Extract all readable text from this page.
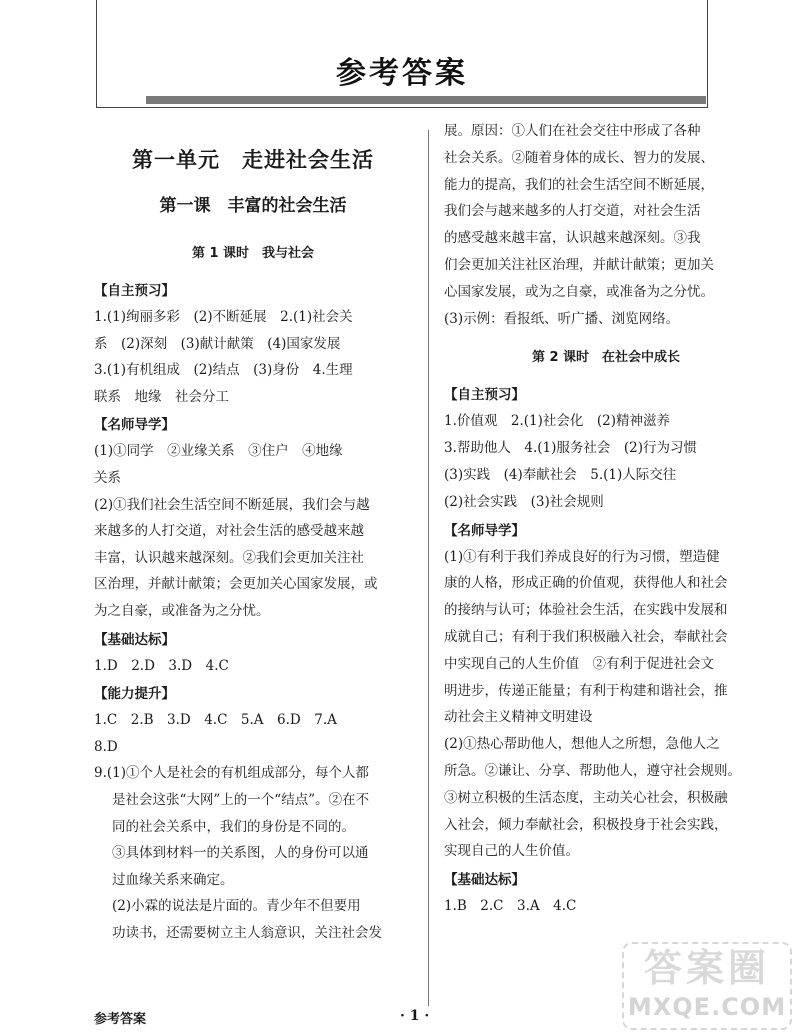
参考答案
第一单元　走进社会生活
第一课　丰富的社会生活
第 1 课时　我与社会
【自主预习】
1.(1)绚丽多彩　(2)不断延展　2.(1)社会关
系　(2)深刻　(3)献计献策　(4)国家发展
3.(1)有机组成　(2)结点　(3)身份　4.生理
联系　地缘　社会分工
【名师导学】
(1)①同学　②业缘关系　③住户　④地缘
关系
(2)①我们社会生活空间不断延展，我们会与越
来越多的人打交道，对社会生活的感受越来越
丰富，认识越来越深刻。②我们会更加关注社
区治理，并献计献策；会更加关心国家发展，或
为之自豪，或准备为之分忧。
【基础达标】
1.D　2.D　3.D　4.C
【能力提升】
1.C　2.B　3.D　4.C　5.A　6.D　7.A
8.D
9.(1)①个人是社会的有机组成部分，每个人都
是社会这张“大网”上的一个“结点”。②在不
同的社会关系中，我们的身份是不同的。
③具体到材料一的关系图，人的身份可以通
过血缘关系来确定。
(2)小霖的说法是片面的。青少年不但要用
功读书，还需要树立主人翁意识，关注社会发
展。原因：①人们在社会交往中形成了各种
社会关系。②随着身体的成长、智力的发展、
能力的提高，我们的社会生活空间不断延展，
我们会与越来越多的人打交道，对社会生活
的感受越来越丰富，认识越来越深刻。③我
们会更加关注社区治理，并献计献策；更加关
心国家发展，或为之自豪，或准备为之分忧。
(3)示例：看报纸、听广播、浏览网络。
第 2 课时　在社会中成长
【自主预习】
1.价值观　2.(1)社会化　(2)精神滋养
3.帮助他人　4.(1)服务社会　(2)行为习惯
(3)实践　(4)奉献社会　5.(1)人际交往
(2)社会实践　(3)社会规则
【名师导学】
(1)①有利于我们养成良好的行为习惯，塑造健
康的人格，形成正确的价值观，获得他人和社会
的接纳与认可；体验社会生活，在实践中发展和
成就自己；有利于我们积极融入社会，奉献社会
中实现自己的人生价值　②有利于促进社会文
明进步，传递正能量；有利于构建和谐社会，推
动社会主义精神文明建设
(2)①热心帮助他人，想他人之所想，急他人之
所急。②谦让、分享、帮助他人，遵守社会规则。
③树立积极的生活态度，主动关心社会，积极融
入社会，倾力奉献社会，积极投身于社会实践，
实现自己的人生价值。
【基础达标】
1.B　2.C　3.A　4.C
参考答案	· 1 ·
答案圈
MXQE.COM
